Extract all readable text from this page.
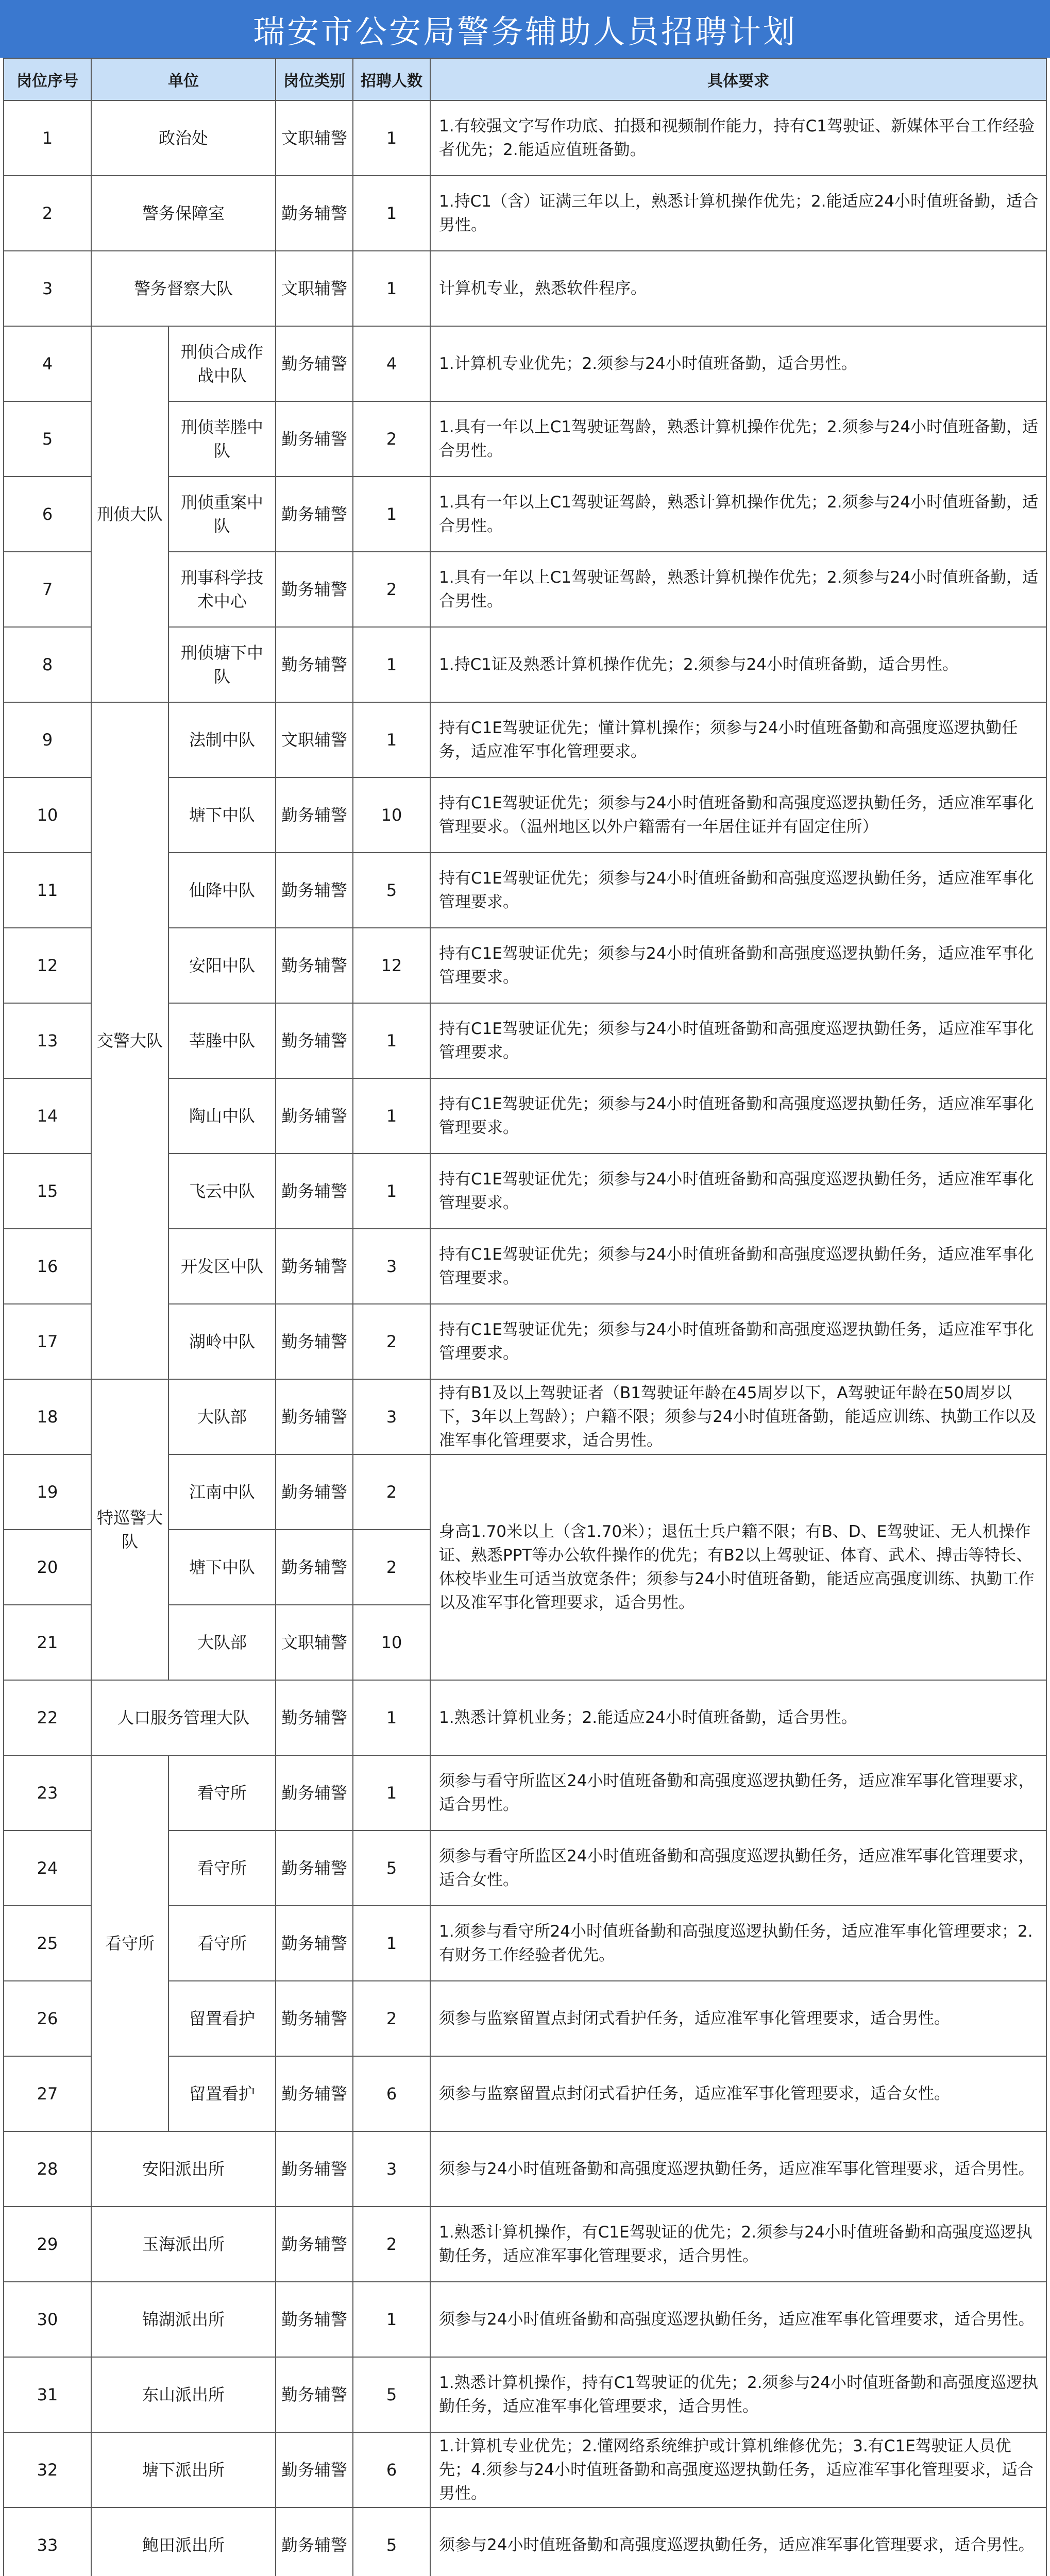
瑞安市公安局警务辅助人员招聘计划
岗位序号	单位		岗位类别	招聘人数	具体要求
1	政治处		文职辅警	1	1.有较强文字写作功底、拍摄和视频制作能力，持有C1驾驶证、新媒体平台工作经验者优先；2.能适应值班备勤。
2	警务保障室		勤务辅警	1	1.持C1（含）证满三年以上，熟悉计算机操作优先；2.能适应24小时值班备勤，适合男性。
3	警务督察大队		文职辅警	1	计算机专业，熟悉软件程序。
4	刑侦大队	刑侦合成作战中队	勤务辅警	4	1.计算机专业优先；2.须参与24小时值班备勤，适合男性。
5		刑侦莘塍中队	勤务辅警	2	1.具有一年以上C1驾驶证驾龄，熟悉计算机操作优先；2.须参与24小时值班备勤，适合男性。
6		刑侦重案中队	勤务辅警	1	1.具有一年以上C1驾驶证驾龄，熟悉计算机操作优先；2.须参与24小时值班备勤，适合男性。
7		刑事科学技术中心	勤务辅警	2	1.具有一年以上C1驾驶证驾龄，熟悉计算机操作优先；2.须参与24小时值班备勤，适合男性。
8		刑侦塘下中队	勤务辅警	1	1.持C1证及熟悉计算机操作优先；2.须参与24小时值班备勤，适合男性。
9	交警大队	法制中队	文职辅警	1	持有C1E驾驶证优先；懂计算机操作；须参与24小时值班备勤和高强度巡逻执勤任务，适应准军事化管理要求。
10		塘下中队	勤务辅警	10	持有C1E驾驶证优先；须参与24小时值班备勤和高强度巡逻执勤任务，适应准军事化管理要求。（温州地区以外户籍需有一年居住证并有固定住所）
11		仙降中队	勤务辅警	5	持有C1E驾驶证优先；须参与24小时值班备勤和高强度巡逻执勤任务，适应准军事化管理要求。
12		安阳中队	勤务辅警	12	持有C1E驾驶证优先；须参与24小时值班备勤和高强度巡逻执勤任务，适应准军事化管理要求。
13		莘塍中队	勤务辅警	1	持有C1E驾驶证优先；须参与24小时值班备勤和高强度巡逻执勤任务，适应准军事化管理要求。
14		陶山中队	勤务辅警	1	持有C1E驾驶证优先；须参与24小时值班备勤和高强度巡逻执勤任务，适应准军事化管理要求。
15		飞云中队	勤务辅警	1	持有C1E驾驶证优先；须参与24小时值班备勤和高强度巡逻执勤任务，适应准军事化管理要求。
16		开发区中队	勤务辅警	3	持有C1E驾驶证优先；须参与24小时值班备勤和高强度巡逻执勤任务，适应准军事化管理要求。
17		湖岭中队	勤务辅警	2	持有C1E驾驶证优先；须参与24小时值班备勤和高强度巡逻执勤任务，适应准军事化管理要求。
18	特巡警大队	大队部	勤务辅警	3	持有B1及以上驾驶证者（B1驾驶证年龄在45周岁以下，A驾驶证年龄在50周岁以下，3年以上驾龄）；户籍不限；须参与24小时值班备勤，能适应训练、执勤工作以及准军事化管理要求，适合男性。
19		江南中队	勤务辅警	2	身高1.70米以上（含1.70米）；退伍士兵户籍不限；有B、D、E驾驶证、无人机操作证、熟悉PPT等办公软件操作的优先；有B2以上驾驶证、体育、武术、搏击等特长、体校毕业生可适当放宽条件；须参与24小时值班备勤，能适应高强度训练、执勤工作以及准军事化管理要求，适合男性。
20		塘下中队	勤务辅警	2	
21		大队部	文职辅警	10	
22	人口服务管理大队		勤务辅警	1	1.熟悉计算机业务；2.能适应24小时值班备勤，适合男性。
23	看守所	看守所	勤务辅警	1	须参与看守所监区24小时值班备勤和高强度巡逻执勤任务，适应准军事化管理要求，适合男性。
24		看守所	勤务辅警	5	须参与看守所监区24小时值班备勤和高强度巡逻执勤任务，适应准军事化管理要求，适合女性。
25		看守所	勤务辅警	1	1.须参与看守所24小时值班备勤和高强度巡逻执勤任务，适应准军事化管理要求；2.有财务工作经验者优先。
26		留置看护	勤务辅警	2	须参与监察留置点封闭式看护任务，适应准军事化管理要求，适合男性。
27		留置看护	勤务辅警	6	须参与监察留置点封闭式看护任务，适应准军事化管理要求，适合女性。
28	安阳派出所		勤务辅警	3	须参与24小时值班备勤和高强度巡逻执勤任务，适应准军事化管理要求，适合男性。
29	玉海派出所		勤务辅警	2	1.熟悉计算机操作，有C1E驾驶证的优先；2.须参与24小时值班备勤和高强度巡逻执勤任务，适应准军事化管理要求，适合男性。
30	锦湖派出所		勤务辅警	1	须参与24小时值班备勤和高强度巡逻执勤任务，适应准军事化管理要求，适合男性。
31	东山派出所		勤务辅警	5	1.熟悉计算机操作，持有C1驾驶证的优先；2.须参与24小时值班备勤和高强度巡逻执勤任务，适应准军事化管理要求，适合男性。
32	塘下派出所		勤务辅警	6	1.计算机专业优先；2.懂网络系统维护或计算机维修优先；3.有C1E驾驶证人员优先；4.须参与24小时值班备勤和高强度巡逻执勤任务，适应准军事化管理要求，适合男性。
33	鲍田派出所		勤务辅警	5	须参与24小时值班备勤和高强度巡逻执勤任务，适应准军事化管理要求，适合男性。
